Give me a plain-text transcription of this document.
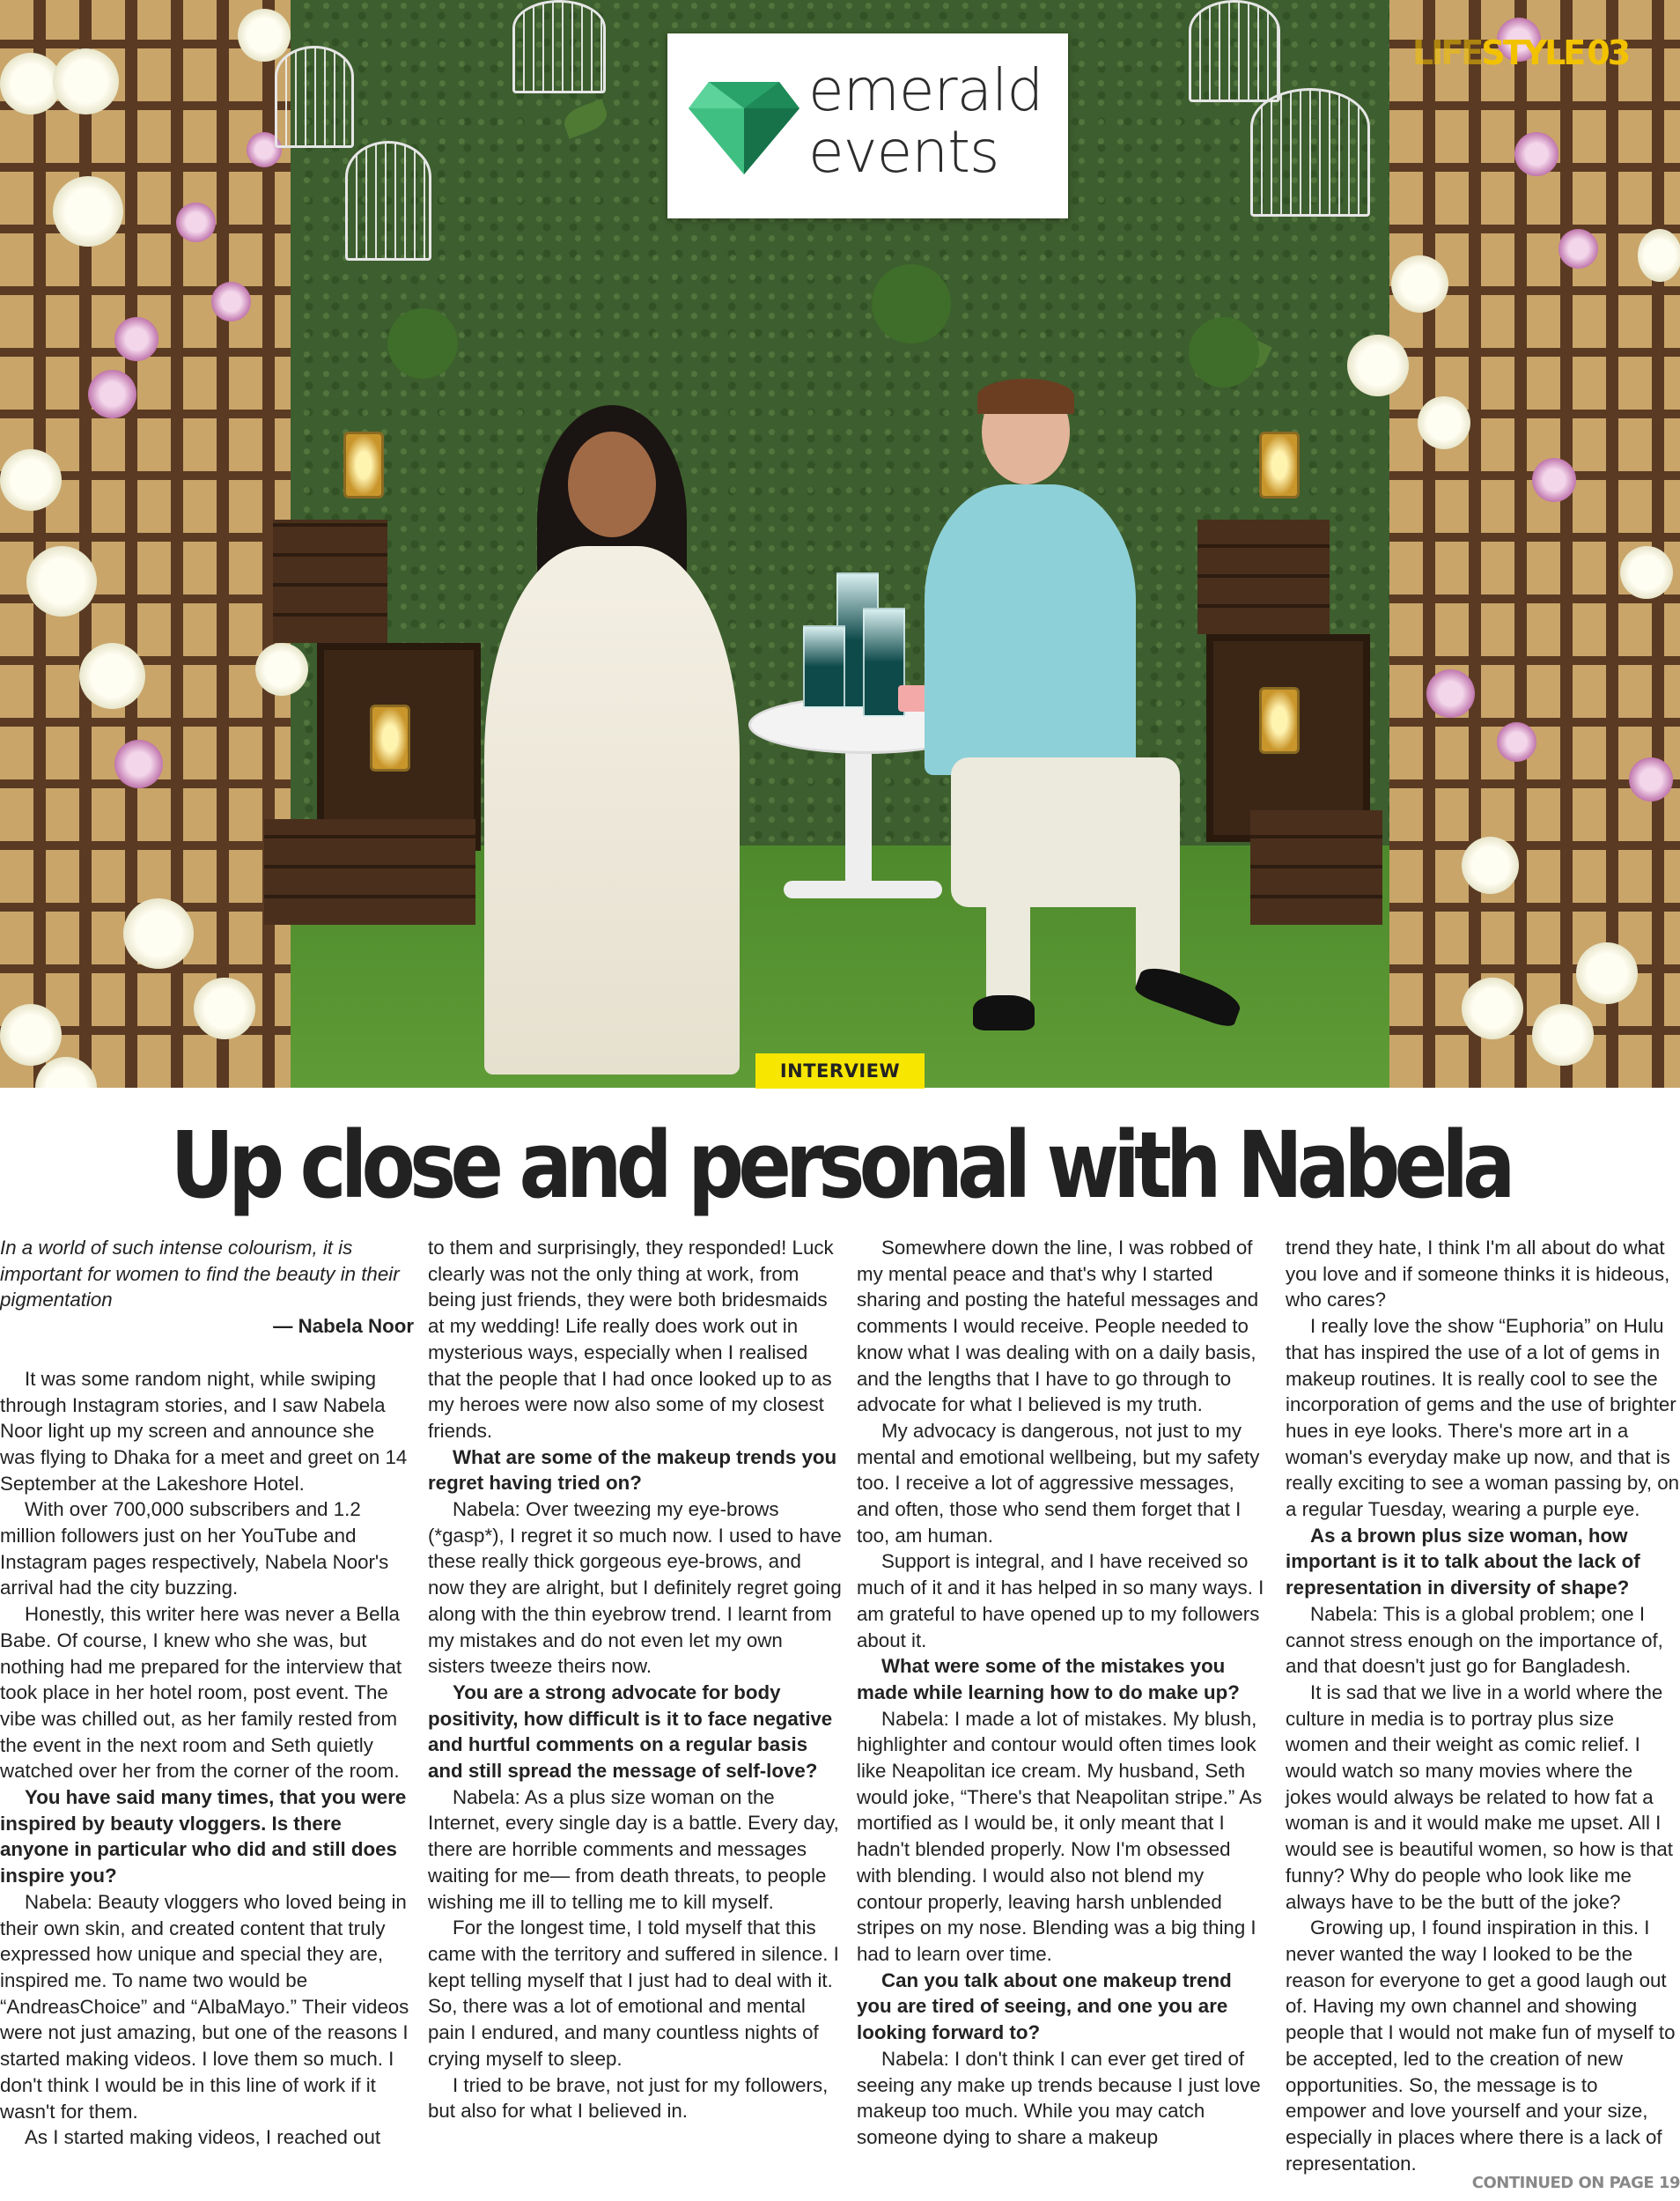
emerald
events
LIFESTYLE 03
INTERVIEW
Up close and personal with Nabela

In a world of such intense colourism, it is important for women to find the beauty in their pigmentation

— Nabela Noor

It was some random night, while swiping through Instagram stories, and I saw Nabela Noor light up my screen and announce she was flying to Dhaka for a meet and greet on 14 September at the Lakeshore Hotel.

With over 700,000 subscribers and 1.2 million followers just on her YouTube and Instagram pages respectively, Nabela Noor's arrival had the city buzzing.

Honestly, this writer here was never a Bella Babe. Of course, I knew who she was, but nothing had me prepared for the interview that took place in her hotel room, post event. The vibe was chilled out, as her family rested from the event in the next room and Seth quietly watched over her from the corner of the room.

You have said many times, that you were inspired by beauty vloggers. Is there anyone in particular who did and still does inspire you?

Nabela: Beauty vloggers who loved being in their own skin, and created content that truly expressed how unique and special they are, inspired me. To name two would be “AndreasChoice” and “AlbaMayo.” Their videos were not just amazing, but one of the reasons I started making videos. I love them so much. I don't think I would be in this line of work if it wasn't for them.

As I started making videos, I reached out

to them and surprisingly, they responded! Luck clearly was not the only thing at work, from being just friends, they were both bridesmaids at my wedding! Life really does work out in mysterious ways, especially when I realised that the people that I had once looked up to as my heroes were now also some of my closest friends.

What are some of the makeup trends you regret having tried on?

Nabela: Over tweezing my eye-brows (*gasp*), I regret it so much now. I used to have these really thick gorgeous eye-brows, and now they are alright, but I definitely regret going along with the thin eyebrow trend. I learnt from my mistakes and do not even let my own sisters tweeze theirs now.

You are a strong advocate for body positivity, how difficult is it to face negative and hurtful comments on a regular basis and still spread the message of self-love?

Nabela: As a plus size woman on the Internet, every single day is a battle. Every day, there are horrible comments and messages waiting for me— from death threats, to people wishing me ill to telling me to kill myself.

For the longest time, I told myself that this came with the territory and suffered in silence. I kept telling myself that I just had to deal with it. So, there was a lot of emotional and mental pain I endured, and many countless nights of crying myself to sleep.

I tried to be brave, not just for my followers, but also for what I believed in.

Somewhere down the line, I was robbed of my mental peace and that's why I started sharing and posting the hateful messages and comments I would receive. People needed to know what I was dealing with on a daily basis, and the lengths that I have to go through to advocate for what I believed is my truth.

My advocacy is dangerous, not just to my mental and emotional wellbeing, but my safety too. I receive a lot of aggressive messages, and often, those who send them forget that I too, am human.

Support is integral, and I have received so much of it and it has helped in so many ways. I am grateful to have opened up to my followers about it.

What were some of the mistakes you made while learning how to do make up?

Nabela: I made a lot of mistakes. My blush, highlighter and contour would often times look like Neapolitan ice cream. My husband, Seth would joke, “There's that Neapolitan stripe.” As mortified as I would be, it only meant that I hadn't blended properly. Now I'm obsessed with blending. I would also not blend my contour properly, leaving harsh unblended stripes on my nose. Blending was a big thing I had to learn over time.

Can you talk about one makeup trend you are tired of seeing, and one you are looking forward to?

Nabela: I don't think I can ever get tired of seeing any make up trends because I just love makeup too much. While you may catch someone dying to share a makeup

trend they hate, I think I'm all about do what you love and if someone thinks it is hideous, who cares?

I really love the show “Euphoria” on Hulu that has inspired the use of a lot of gems in makeup routines. It is really cool to see the incorporation of gems and the use of brighter hues in eye looks. There's more art in a woman's everyday make up now, and that is really exciting to see a woman passing by, on a regular Tuesday, wearing a purple eye.

As a brown plus size woman, how important is it to talk about the lack of representation in diversity of shape?

Nabela: This is a global problem; one I cannot stress enough on the importance of, and that doesn't just go for Bangladesh.

It is sad that we live in a world where the culture in media is to portray plus size women and their weight as comic relief. I would watch so many movies where the jokes would always be related to how fat a woman is and it would make me upset. All I would see is beautiful women, so how is that funny? Why do people who look like me always have to be the butt of the joke?

Growing up, I found inspiration in this. I never wanted the way I looked to be the reason for everyone to get a good laugh out of. Having my own channel and showing people that I would not make fun of myself to be accepted, led to the creation of new opportunities. So, the message is to empower and love yourself and your size, especially in places where there is a lack of representation.

CONTINUED ON PAGE 19
